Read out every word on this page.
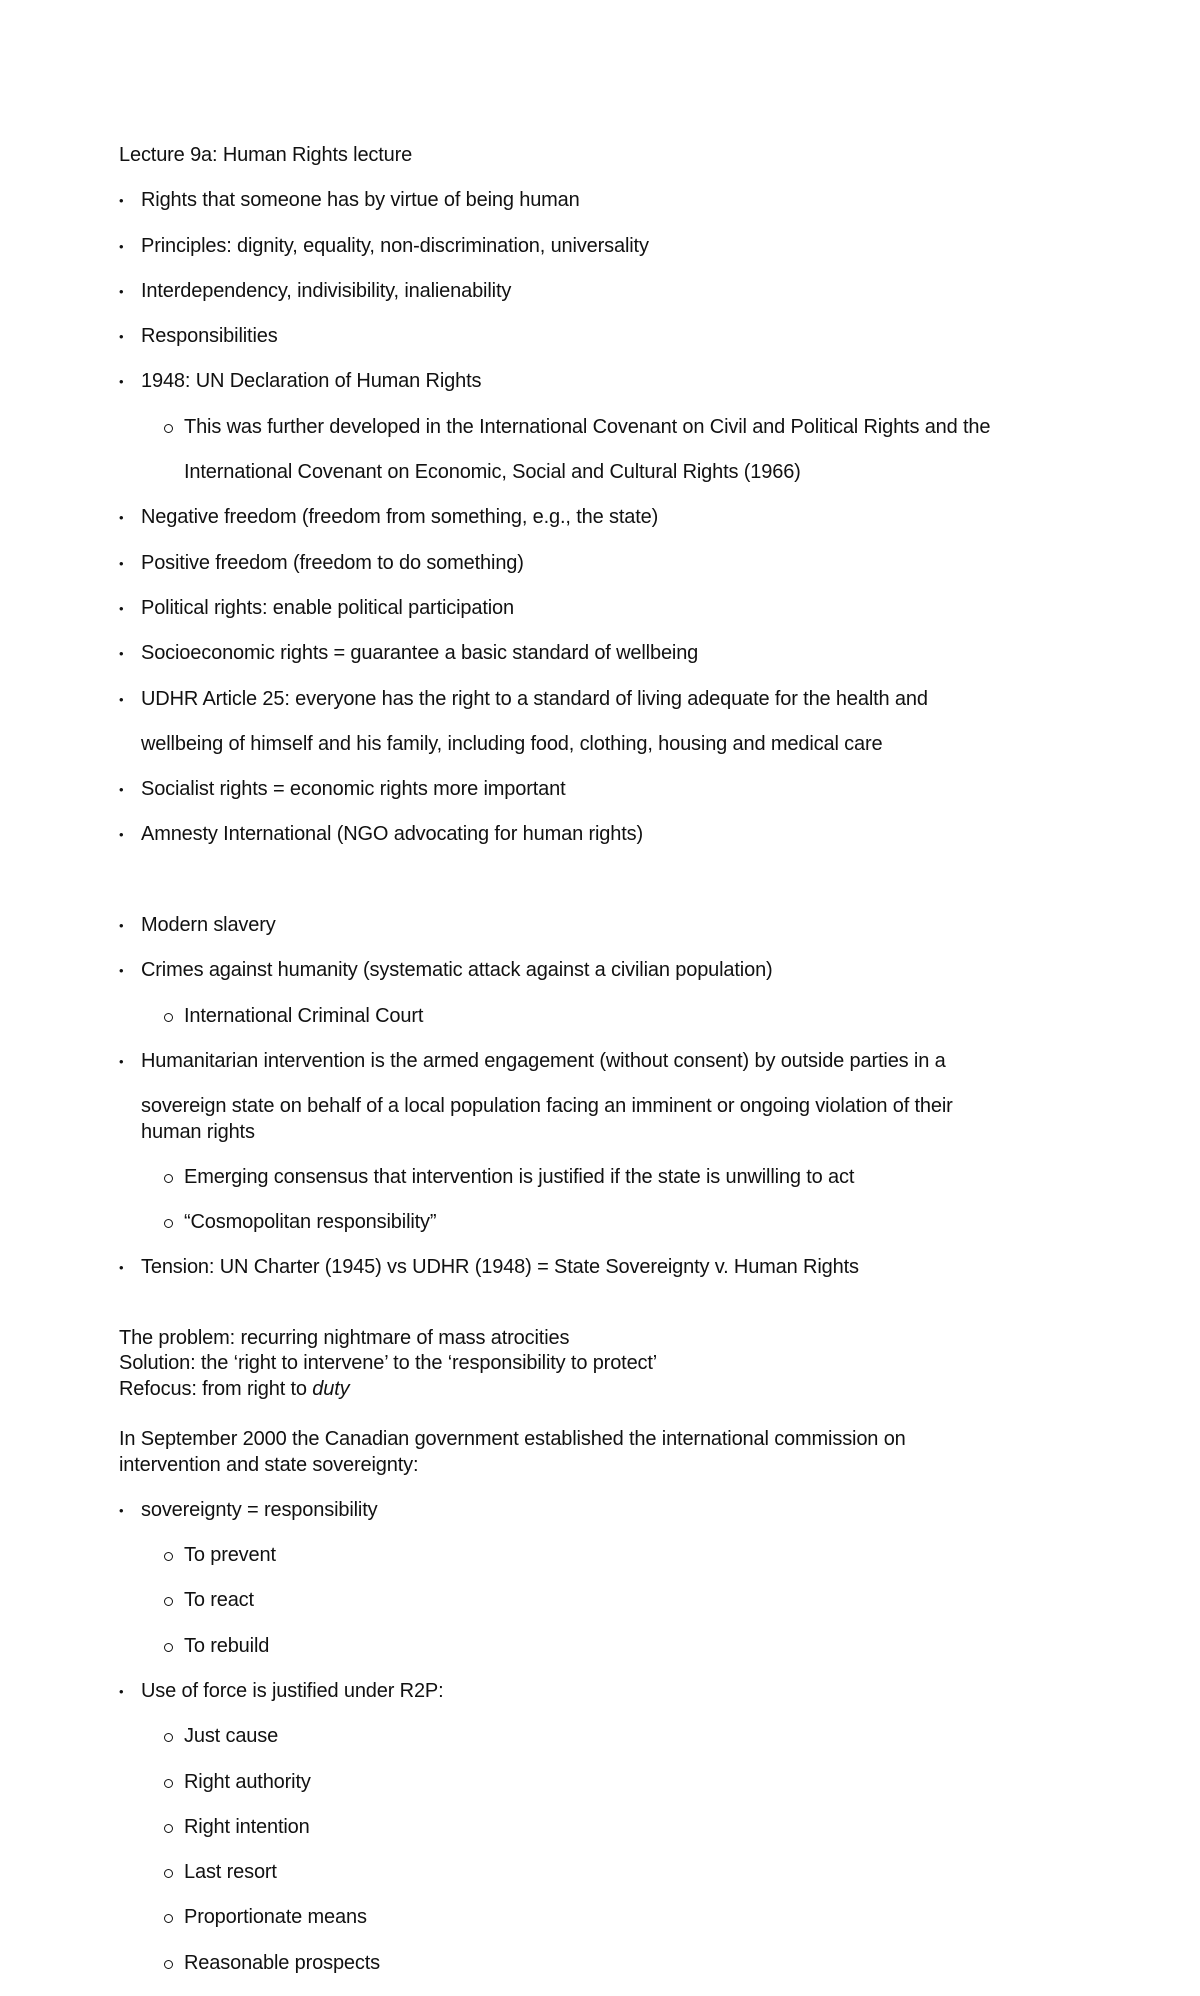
Lecture 9a: Human Rights lecture

• Rights that someone has by virtue of being human

• Principles: dignity, equality, non-discrimination, universality

• Interdependency, indivisibility, inalienability

• Responsibilities

• 1948: UN Declaration of Human Rights

This was further developed in the International Covenant on Civil and Political Rights and the

International Covenant on Economic, Social and Cultural Rights (1966)

• Negative freedom (freedom from something, e.g., the state)

• Positive freedom (freedom to do something)

• Political rights: enable political participation

• Socioeconomic rights = guarantee a basic standard of wellbeing

• UDHR Article 25: everyone has the right to a standard of living adequate for the health and

wellbeing of himself and his family, including food, clothing, housing and medical care

• Socialist rights = economic rights more important

• Amnesty International (NGO advocating for human rights)

• Modern slavery

• Crimes against humanity (systematic attack against a civilian population)

International Criminal Court

• Humanitarian intervention is the armed engagement (without consent) by outside parties in a

sovereign state on behalf of a local population facing an imminent or ongoing violation of their

human rights

Emerging consensus that intervention is justified if the state is unwilling to act

“Cosmopolitan responsibility”

• Tension: UN Charter (1945) vs UDHR (1948) = State Sovereignty v. Human Rights

The problem: recurring nightmare of mass atrocities

Solution: the ‘right to intervene’ to the ‘responsibility to protect’

Refocus: from right to duty

In September 2000 the Canadian government established the international commission on

intervention and state sovereignty:

• sovereignty = responsibility

To prevent

To react

To rebuild

• Use of force is justified under R2P:

Just cause

Right authority

Right intention

Last resort

Proportionate means

Reasonable prospects
